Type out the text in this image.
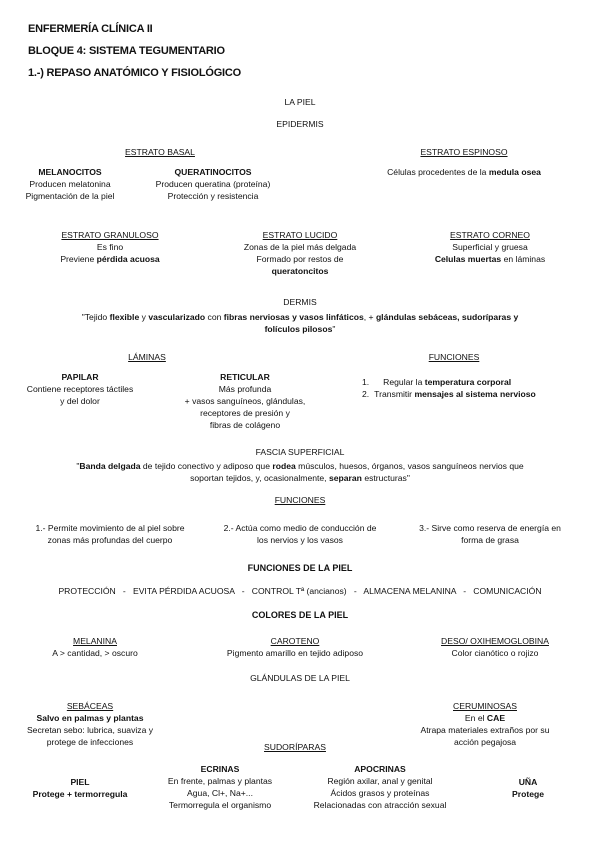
ENFERMERÍA CLÍNICA II
BLOQUE 4: SISTEMA TEGUMENTARIO
1.-) REPASO ANATÓMICO Y FISIOLÓGICO
LA PIEL
EPIDERMIS
ESTRATO BASAL
MELANOCITOS
Producen melatonina
Pigmentación de la piel
QUERATINOCITOS
Producen queratina (proteína)
Protección y resistencia
ESTRATO ESPINOSO
Células procedentes de la medula osea
ESTRATO GRANULOSO
Es fino
Previene pérdida acuosa
ESTRATO LUCIDO
Zonas de la piel más delgada
Formado por restos de
queratoncitos
ESTRATO CORNEO
Superficial y gruesa
Celulas muertas en láminas
DERMIS
"Tejido flexible y vascularizado con fibras nerviosas y vasos linfáticos, + glándulas sebáceas, sudoríparas y
folículos pilosos"
LÁMINAS
PAPILAR
Contiene receptores táctiles
y del dolor
RETICULAR
Más profunda
+ vasos sanguíneos, glándulas,
receptores de presión y
fibras de colágeno
FUNCIONES
1. Regular la temperatura corporal
2. Transmitir mensajes al sistema nervioso
FASCIA SUPERFICIAL
"Banda delgada de tejido conectivo y adiposo que rodea músculos, huesos, órganos, vasos sanguíneos nervios que
soportan tejidos, y, ocasionalmente, separan estructuras"
FUNCIONES
1.- Permite movimiento de al piel sobre
zonas más profundas del cuerpo
2.- Actúa como medio de conducción de
los nervios y los vasos
3.- Sirve como reserva de energía en
forma de grasa
FUNCIONES DE LA PIEL
PROTECCIÓN - EVITA PÉRDIDA ACUOSA - CONTROL Tª (ancianos) - ALMACENA MELANINA - COMUNICACIÓN
COLORES DE LA PIEL
MELANINA
A > cantidad, > oscuro
CAROTENO
Pigmento amarillo en tejido adiposo
DESO/ OXIHEMOGLOBINA
Color cianótico o rojizo
GLÁNDULAS DE LA PIEL
SEBÁCEAS
Salvo en palmas y plantas
Secretan sebo: lubrica, suaviza y
protege de infecciones
CERUMINOSAS
En el CAE
Atrapa materiales extraños por su
acción pegajosa
SUDORÍPARAS
PIEL
Protege + termorregula
ECRINAS
En frente, palmas y plantas
Agua, Cl+, Na+...
Termorregula el organismo
APOCRINAS
Región axilar, anal y genital
Ácidos grasos y proteínas
Relacionadas con atracción sexual
UÑA
Protege
